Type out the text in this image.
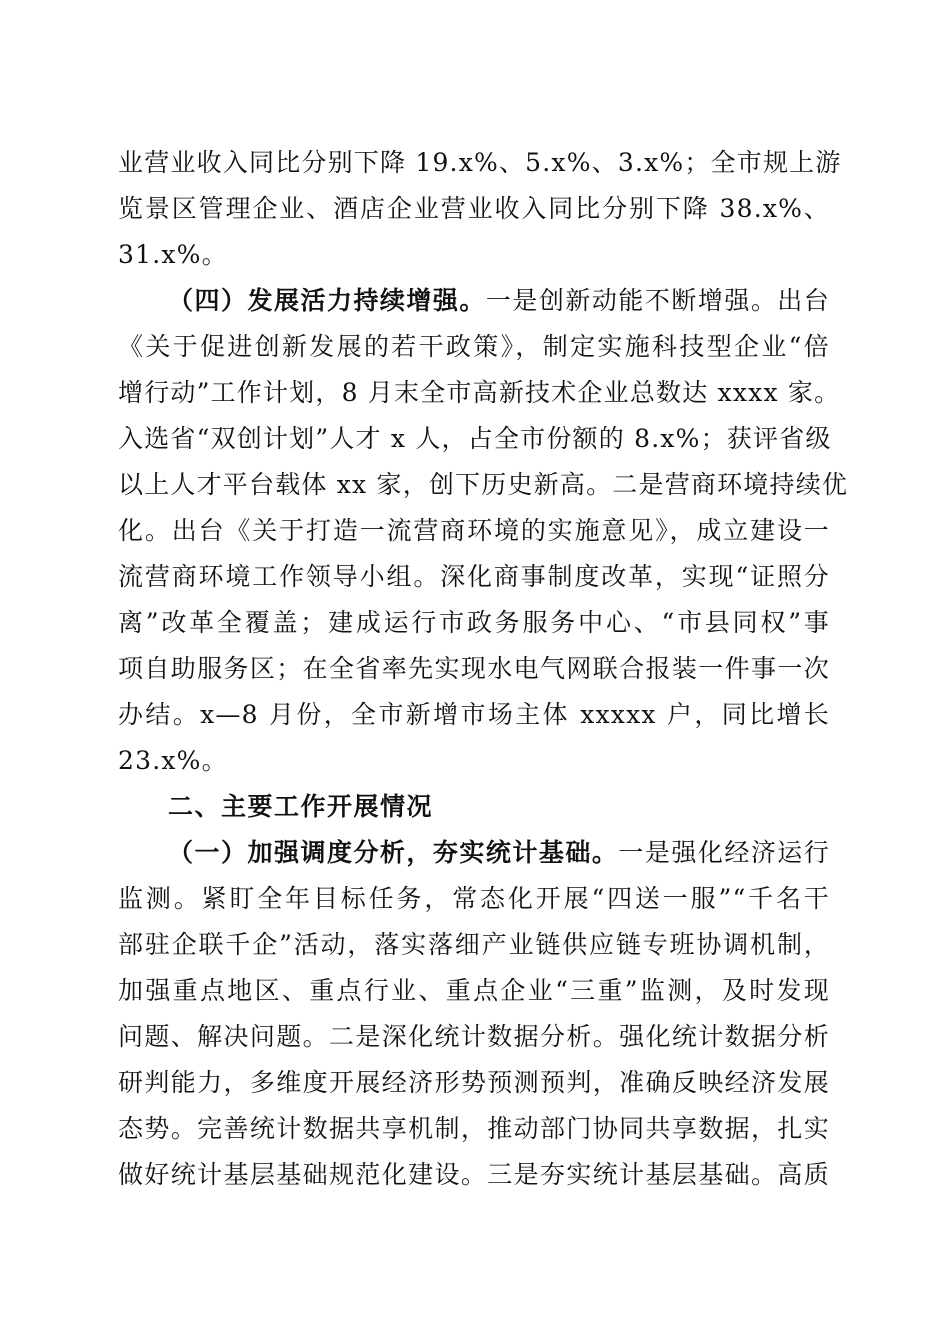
业营业收入同比分别下降 19.x%、5.x%、3.x%；全市规上游
览景区管理企业、酒店企业营业收入同比分别下降 38.x%、
31.x%。
（四）发展活力持续增强。一是创新动能不断增强。出台
《关于促进创新发展的若干政策》，制定实施科技型企业“倍
增行动”工作计划，8 月末全市高新技术企业总数达 xxxx 家。
入选省“双创计划”人才 x 人，占全市份额的 8.x%；获评省级
以上人才平台载体 xx 家，创下历史新高。二是营商环境持续优
化。出台《关于打造一流营商环境的实施意见》，成立建设一
流营商环境工作领导小组。深化商事制度改革，实现“证照分
离”改革全覆盖；建成运行市政务服务中心、“市县同权”事
项自助服务区；在全省率先实现水电气网联合报装一件事一次
办结。x—8 月份，全市新增市场主体 xxxxx 户，同比增长
23.x%。
二、主要工作开展情况
（一）加强调度分析，夯实统计基础。一是强化经济运行
监测。紧盯全年目标任务，常态化开展“四送一服”“千名干
部驻企联千企”活动，落实落细产业链供应链专班协调机制，
加强重点地区、重点行业、重点企业“三重”监测，及时发现
问题、解决问题。二是深化统计数据分析。强化统计数据分析
研判能力，多维度开展经济形势预测预判，准确反映经济发展
态势。完善统计数据共享机制，推动部门协同共享数据，扎实
做好统计基层基础规范化建设。三是夯实统计基层基础。高质
